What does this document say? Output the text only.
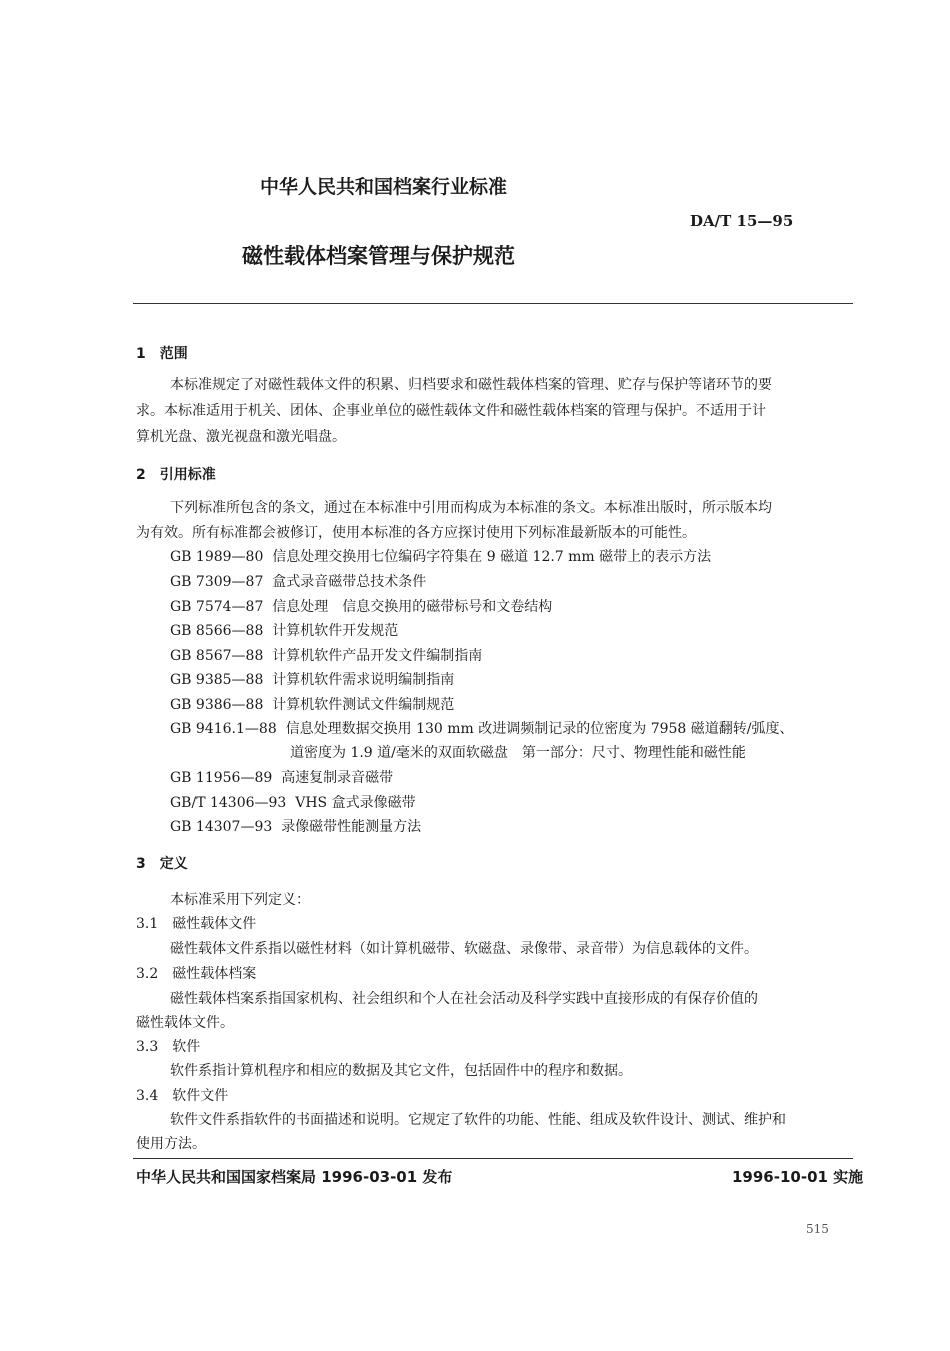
中华人民共和国档案行业标准
DA/T 15—95
磁性载体档案管理与保护规范
1　范围
本标准规定了对磁性载体文件的积累、归档要求和磁性载体档案的管理、贮存与保护等诸环节的要
求。本标准适用于机关、团体、企事业单位的磁性载体文件和磁性载体档案的管理与保护。不适用于计
算机光盘、激光视盘和激光唱盘。
2　引用标准
下列标准所包含的条文，通过在本标准中引用而构成为本标准的条文。本标准出版时，所示版本均
为有效。所有标准都会被修订，使用本标准的各方应探讨使用下列标准最新版本的可能性。
GB 1989—80 信息处理交换用七位编码字符集在 9 磁道 12.7 mm 磁带上的表示方法
GB 7309—87 盒式录音磁带总技术条件
GB 7574—87 信息处理　信息交换用的磁带标号和文卷结构
GB 8566—88 计算机软件开发规范
GB 8567—88 计算机软件产品开发文件编制指南
GB 9385—88 计算机软件需求说明编制指南
GB 9386—88 计算机软件测试文件编制规范
GB 9416.1—88 信息处理数据交换用 130 mm 改进调频制记录的位密度为 7958 磁道翻转/弧度、
道密度为 1.9 道/毫米的双面软磁盘　第一部分：尺寸、物理性能和磁性能
GB 11956—89 高速复制录音磁带
GB/T 14306—93 VHS 盒式录像磁带
GB 14307—93 录像磁带性能测量方法
3　定义
本标准采用下列定义：
3.1　磁性载体文件
磁性载体文件系指以磁性材料（如计算机磁带、软磁盘、录像带、录音带）为信息载体的文件。
3.2　磁性载体档案
磁性载体档案系指国家机构、社会组织和个人在社会活动及科学实践中直接形成的有保存价值的
磁性载体文件。
3.3　软件
软件系指计算机程序和相应的数据及其它文件，包括固件中的程序和数据。
3.4　软件文件
软件文件系指软件的书面描述和说明。它规定了软件的功能、性能、组成及软件设计、测试、维护和
使用方法。
中华人民共和国国家档案局 1996-03-01 发布	1996-10-01 实施
515
